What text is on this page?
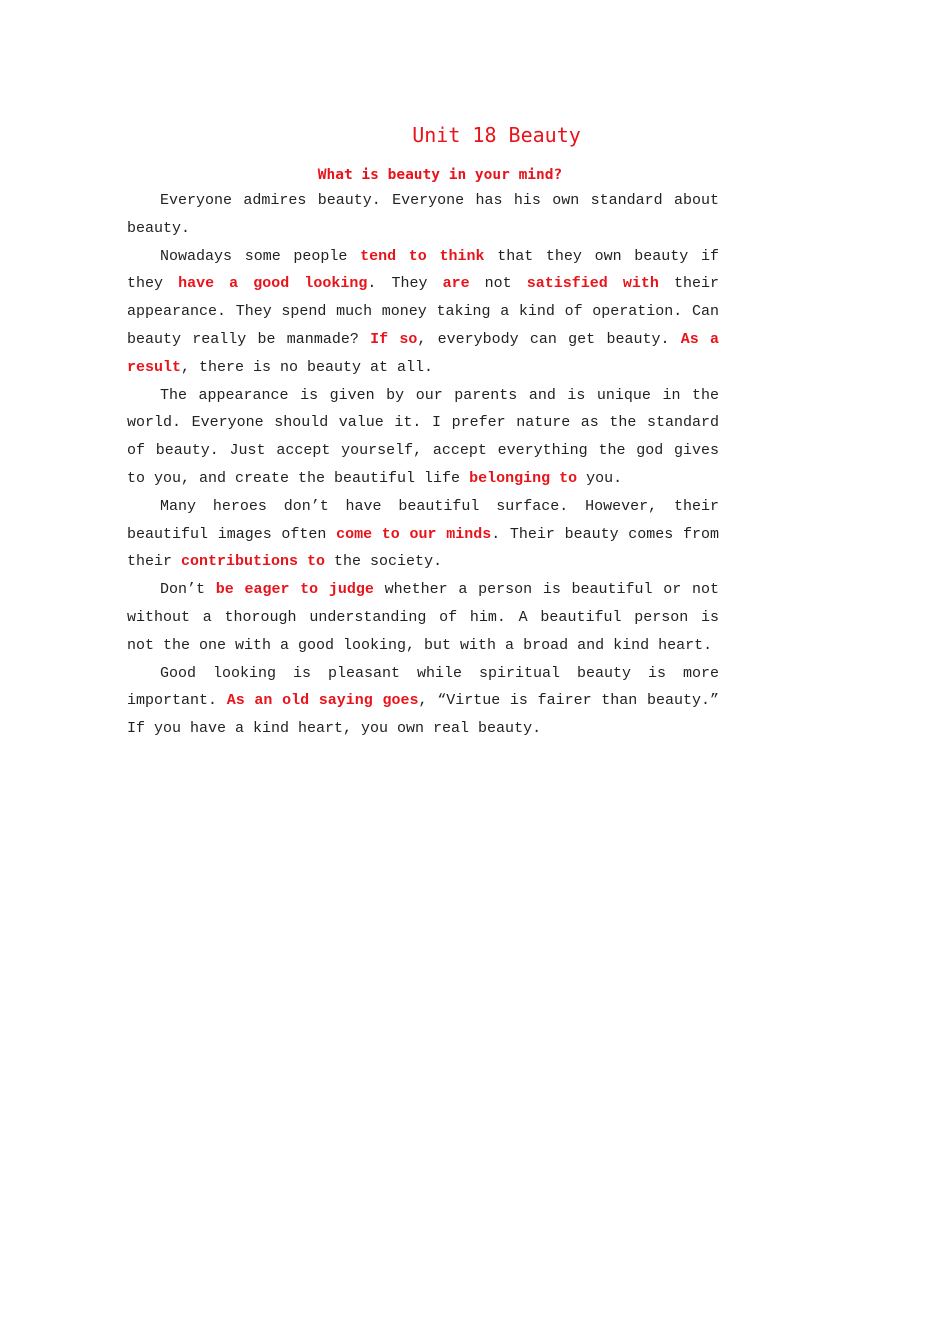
Unit 18 Beauty
What is beauty in your mind?

Everyone admires beauty. Everyone has his own standard about beauty.

Nowadays some people tend to think that they own beauty if they have a good looking. They are not satisfied with their appearance. They spend much money taking a kind of operation. Can beauty really be manmade? If so, everybody can get beauty. As a result, there is no beauty at all.

The appearance is given by our parents and is unique in the world. Everyone should value it. I prefer nature as the standard of beauty. Just accept yourself, accept everything the god gives to you, and create the beautiful life belonging to you.

Many heroes don’t have beautiful surface. However, their beautiful images often come to our minds. Their beauty comes from their contributions to the society.

Don’t be eager to judge whether a person is beautiful or not without a thorough understanding of him. A beautiful person is not the one with a good looking, but with a broad and kind heart.

Good looking is pleasant while spiritual beauty is more important. As an old saying goes, “Virtue is fairer than beauty.” If you have a kind heart, you own real beauty.
